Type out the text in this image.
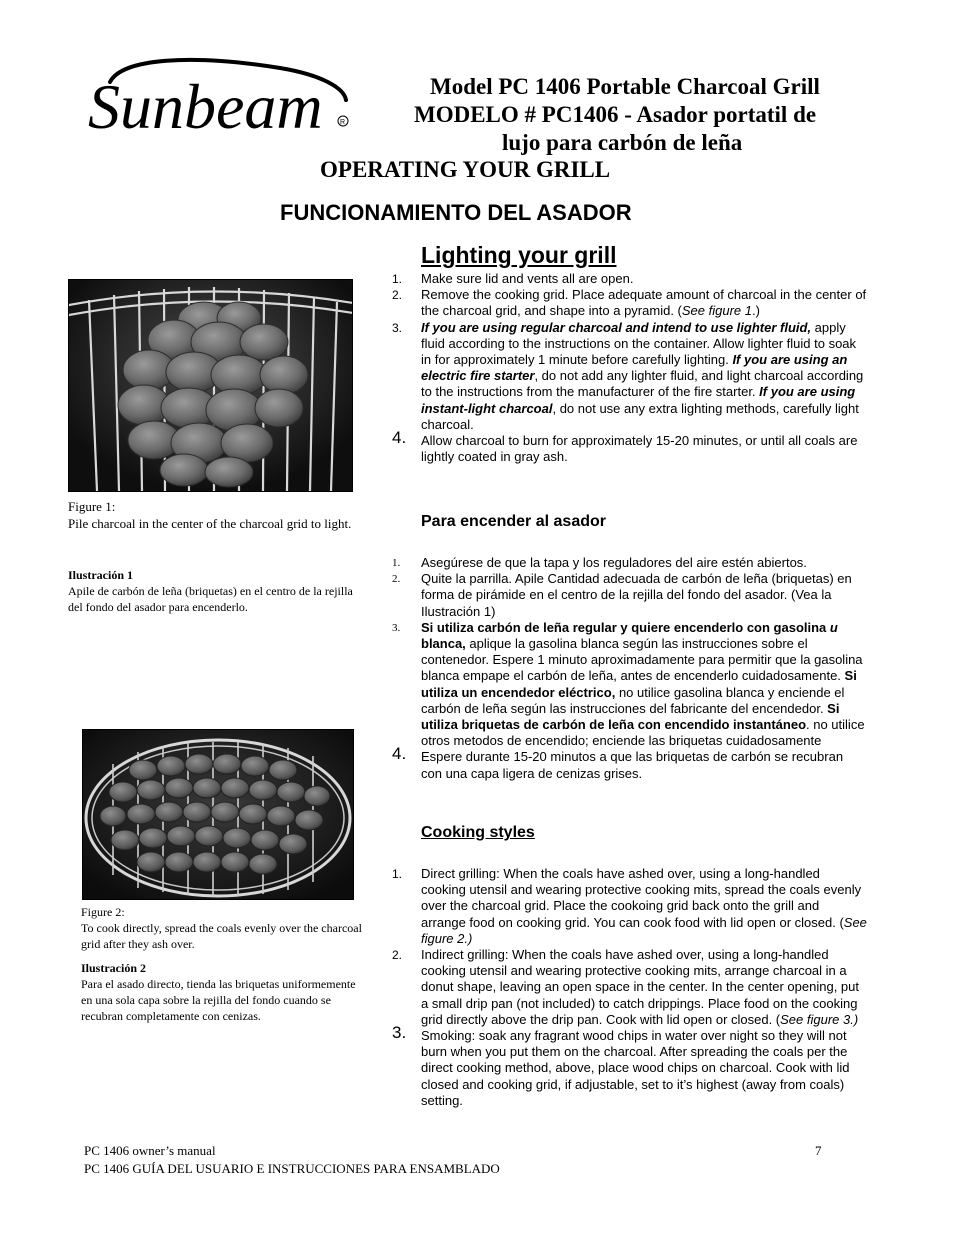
Sunbeam R
Model PC 1406 Portable Charcoal Grill
MODELO # PC1406 - Asador portatil de
lujo para carbón de leña
OPERATING YOUR GRILL
FUNCIONAMIENTO DEL ASADOR
Lighting your grill
1. Make sure lid and vents all are open.
2. Remove the cooking grid. Place adequate amount of charcoal in the center of the charcoal grid, and shape into a pyramid. (See figure 1.)
3. If you are using regular charcoal and intend to use lighter fluid, apply fluid according to the instructions on the container. Allow lighter fluid to soak in for approximately 1 minute before carefully lighting. If you are using an electric fire starter, do not add any lighter fluid, and light charcoal according to the instructions from the manufacturer of the fire starter. If you are using instant-light charcoal, do not use any extra lighting methods, carefully light charcoal.
4. Allow charcoal to burn for approximately 15-20 minutes, or until all coals are lightly coated in gray ash.
Para encender al asador
1. Asegúrese de que la tapa y los reguladores del aire estén abiertos.
2. Quite la parrilla. Apile Cantidad adecuada de carbón de leña (briquetas) en forma de pirámide en el centro de la rejilla del fondo del asador. (Vea la Ilustración 1)
3. Si utiliza carbón de leña regular y quiere encenderlo con gasolina u blanca, aplique la gasolina blanca según las instrucciones sobre el contenedor. Espere 1 minuto aproximadamente para permitir que la gasolina blanca empape el carbón de leña, antes de encenderlo cuidadosamente. Si utiliza un encendedor eléctrico, no utilice gasolina blanca y enciende el carbón de leña según las instrucciones del fabricante del encendedor. Si utiliza briquetas de carbón de leña con encendido instantáneo. no utilice otros metodos de encendido; enciende las briquetas cuidadosamente
4. Espere durante 15-20 minutos a que las briquetas de carbón se recubran con una capa ligera de cenizas grises.
Cooking styles
1. Direct grilling: When the coals have ashed over, using a long-handled cooking utensil and wearing protective cooking mits, spread the coals evenly over the charcoal grid. Place the cookoing grid back onto the grill and arrange food on cooking grid. You can cook food with lid open or closed. (See figure 2.)
2. Indirect grilling: When the coals have ashed over, using a long-handled cooking utensil and wearing protective cooking mits, arrange charcoal in a donut shape, leaving an open space in the center. In the center opening, put a small drip pan (not included) to catch drippings. Place food on the cooking grid directly above the drip pan. Cook with lid open or closed. (See figure 3.)
3. Smoking: soak any fragrant wood chips in water over night so they will not burn when you put them on the charcoal. After spreading the coals per the direct cooking method, above, place wood chips on charcoal. Cook with lid closed and cooking grid, if adjustable, set to it’s highest (away from coals) setting.
Figure 1:
Pile charcoal in the center of the charcoal grid to light.
Ilustración 1
Apile de carbón de leña (briquetas) en el centro de la rejilla del fondo del asador para encenderlo.
Figure 2:
To cook directly, spread the coals evenly over the charcoal grid after they ash over.
Ilustración 2
Para el asado directo, tienda las briquetas uniformemente en una sola capa sobre la rejilla del fondo cuando se recubran completamente con cenizas.
PC 1406 owner’s manual	7
PC 1406 GUÍA DEL USUARIO E INSTRUCCIONES PARA ENSAMBLADO
